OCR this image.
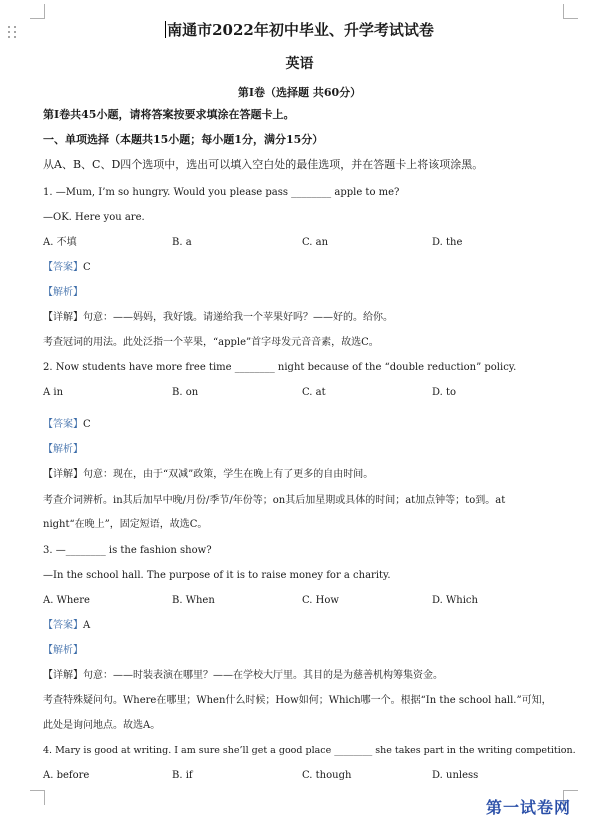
南通市2022年初中毕业、升学考试试卷
英语
第I卷（选择题 共60分）
第I卷共45小题，请将答案按要求填涂在答题卡上。
一、单项选择（本题共15小题；每小题1分，满分15分）
从A、B、C、D四个选项中，选出可以填入空白处的最佳选项，并在答题卡上将该项涂黑。
1. —Mum, I’m so hungry. Would you please pass ________ apple to me?
—OK. Here you are.
A. 不填	B. a	C. an	D. the
【答案】C
【解析】
【详解】句意：——妈妈，我好饿。请递给我一个苹果好吗？——好的。给你。
考查冠词的用法。此处泛指一个苹果，“apple”首字母发元音音素，故选C。
2. Now students have more free time ________ night because of the “double reduction” policy.
A in	B. on	C. at	D. to
【答案】C
【解析】
【详解】句意：现在，由于“双减”政策，学生在晚上有了更多的自由时间。
考查介词辨析。in其后加早中晚/月份/季节/年份等；on其后加星期或具体的时间；at加点钟等；to到。at
night“在晚上”，固定短语，故选C。
3. —________ is the fashion show?
—In the school hall. The purpose of it is to raise money for a charity.
A. Where	B. When	C. How	D. Which
【答案】A
【解析】
【详解】句意：——时装表演在哪里？——在学校大厅里。其目的是为慈善机构筹集资金。
考查特殊疑问句。Where在哪里；When什么时候；How如何；Which哪一个。根据“In the school hall.”可知，
此处是询问地点。故选A。
4. Mary is good at writing. I am sure she’ll get a good place ________ she takes part in the writing competition.
A. before	B. if	C. though	D. unless
第一试卷网
